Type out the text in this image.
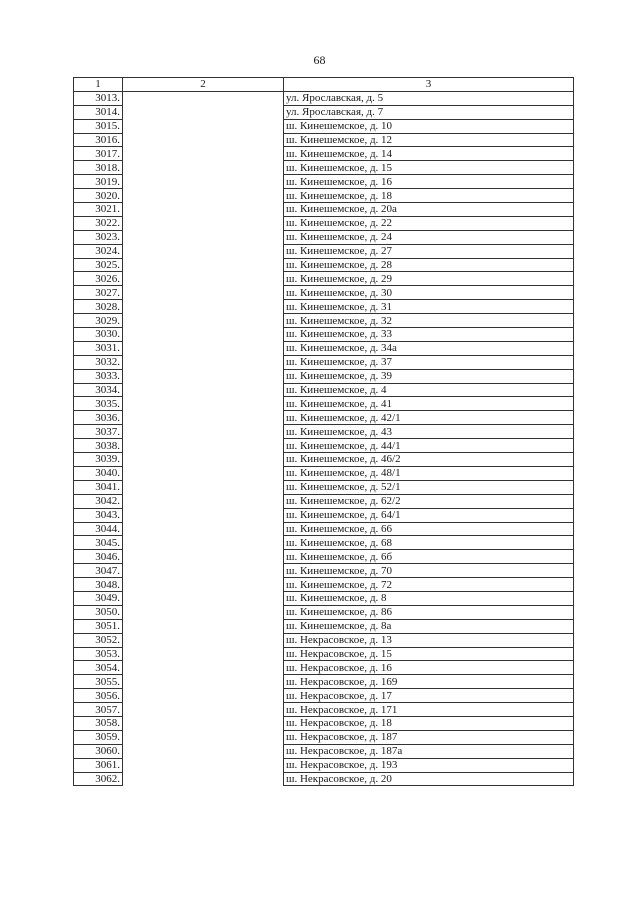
68
1	2	3
3013.		ул. Ярославская, д. 5
3014.		ул. Ярославская, д. 7
3015.		ш. Кинешемское, д. 10
3016.		ш. Кинешемское, д. 12
3017.		ш. Кинешемское, д. 14
3018.		ш. Кинешемское, д. 15
3019.		ш. Кинешемское, д. 16
3020.		ш. Кинешемское, д. 18
3021.		ш. Кинешемское, д. 20а
3022.		ш. Кинешемское, д. 22
3023.		ш. Кинешемское, д. 24
3024.		ш. Кинешемское, д. 27
3025.		ш. Кинешемское, д. 28
3026.		ш. Кинешемское, д. 29
3027.		ш. Кинешемское, д. 30
3028.		ш. Кинешемское, д. 31
3029.		ш. Кинешемское, д. 32
3030.		ш. Кинешемское, д. 33
3031.		ш. Кинешемское, д. 34а
3032.		ш. Кинешемское, д. 37
3033.		ш. Кинешемское, д. 39
3034.		ш. Кинешемское, д. 4
3035.		ш. Кинешемское, д. 41
3036.		ш. Кинешемское, д. 42/1
3037.		ш. Кинешемское, д. 43
3038.		ш. Кинешемское, д. 44/1
3039.		ш. Кинешемское, д. 46/2
3040.		ш. Кинешемское, д. 48/1
3041.		ш. Кинешемское, д. 52/1
3042.		ш. Кинешемское, д. 62/2
3043.		ш. Кинешемское, д. 64/1
3044.		ш. Кинешемское, д. 66
3045.		ш. Кинешемское, д. 68
3046.		ш. Кинешемское, д. 6б
3047.		ш. Кинешемское, д. 70
3048.		ш. Кинешемское, д. 72
3049.		ш. Кинешемское, д. 8
3050.		ш. Кинешемское, д. 86
3051.		ш. Кинешемское, д. 8а
3052.		ш. Некрасовское, д. 13
3053.		ш. Некрасовское, д. 15
3054.		ш. Некрасовское, д. 16
3055.		ш. Некрасовское, д. 169
3056.		ш. Некрасовское, д. 17
3057.		ш. Некрасовское, д. 171
3058.		ш. Некрасовское, д. 18
3059.		ш. Некрасовское, д. 187
3060.		ш. Некрасовское, д. 187а
3061.		ш. Некрасовское, д. 193
3062.		ш. Некрасовское, д. 20
